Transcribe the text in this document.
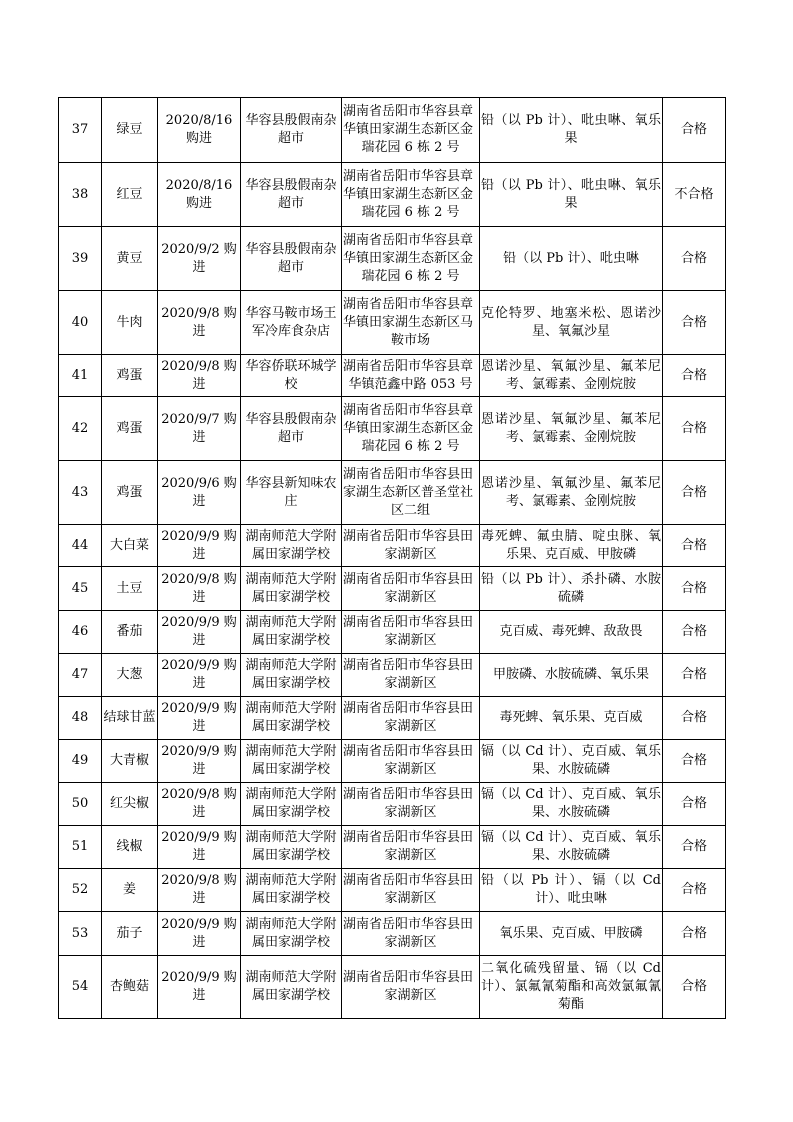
37	绿豆	2020/8/16 购进	华容县殷假南杂超市	湖南省岳阳市华容县章华镇田家湖生态新区金瑞花园 6 栋 2 号	铅（以 Pb 计）、吡虫啉、氧乐果	合格
38	红豆	2020/8/16 购进	华容县殷假南杂超市	湖南省岳阳市华容县章华镇田家湖生态新区金瑞花园 6 栋 2 号	铅（以 Pb 计）、吡虫啉、氧乐果	不合格
39	黄豆	2020/9/2 购进	华容县殷假南杂超市	湖南省岳阳市华容县章华镇田家湖生态新区金瑞花园 6 栋 2 号	铅（以 Pb 计）、吡虫啉	合格
40	牛肉	2020/9/8 购进	华容马鞍市场王军冷库食杂店	湖南省岳阳市华容县章华镇田家湖生态新区马鞍市场	克伦特罗、地塞米松、恩诺沙星、氧氟沙星	合格
41	鸡蛋	2020/9/8 购进	华容侨联环城学校	湖南省岳阳市华容县章华镇范鑫中路 053 号	恩诺沙星、氧氟沙星、氟苯尼考、氯霉素、金刚烷胺	合格
42	鸡蛋	2020/9/7 购进	华容县殷假南杂超市	湖南省岳阳市华容县章华镇田家湖生态新区金瑞花园 6 栋 2 号	恩诺沙星、氧氟沙星、氟苯尼考、氯霉素、金刚烷胺	合格
43	鸡蛋	2020/9/6 购进	华容县新知味农庄	湖南省岳阳市华容县田家湖生态新区普圣堂社区二组	恩诺沙星、氧氟沙星、氟苯尼考、氯霉素、金刚烷胺	合格
44	大白菜	2020/9/9 购进	湖南师范大学附属田家湖学校	湖南省岳阳市华容县田家湖新区	毒死蜱、氟虫腈、啶虫脒、氧乐果、克百威、甲胺磷	合格
45	土豆	2020/9/8 购进	湖南师范大学附属田家湖学校	湖南省岳阳市华容县田家湖新区	铅（以 Pb 计）、杀扑磷、水胺硫磷	合格
46	番茄	2020/9/9 购进	湖南师范大学附属田家湖学校	湖南省岳阳市华容县田家湖新区	克百威、毒死蜱、敌敌畏	合格
47	大葱	2020/9/9 购进	湖南师范大学附属田家湖学校	湖南省岳阳市华容县田家湖新区	甲胺磷、水胺硫磷、氧乐果	合格
48	结球甘蓝	2020/9/9 购进	湖南师范大学附属田家湖学校	湖南省岳阳市华容县田家湖新区	毒死蜱、氧乐果、克百威	合格
49	大青椒	2020/9/9 购进	湖南师范大学附属田家湖学校	湖南省岳阳市华容县田家湖新区	镉（以 Cd 计）、克百威、氧乐果、水胺硫磷	合格
50	红尖椒	2020/9/8 购进	湖南师范大学附属田家湖学校	湖南省岳阳市华容县田家湖新区	镉（以 Cd 计）、克百威、氧乐果、水胺硫磷	合格
51	线椒	2020/9/9 购进	湖南师范大学附属田家湖学校	湖南省岳阳市华容县田家湖新区	镉（以 Cd 计）、克百威、氧乐果、水胺硫磷	合格
52	姜	2020/9/8 购进	湖南师范大学附属田家湖学校	湖南省岳阳市华容县田家湖新区	铅（以 Pb 计）、镉（以 Cd 计）、吡虫啉	合格
53	茄子	2020/9/9 购进	湖南师范大学附属田家湖学校	湖南省岳阳市华容县田家湖新区	氧乐果、克百威、甲胺磷	合格
54	杏鲍菇	2020/9/9 购进	湖南师范大学附属田家湖学校	湖南省岳阳市华容县田家湖新区	二氧化硫残留量、镉（以 Cd 计）、氯氟氰菊酯和高效氯氟氰菊酯	合格
